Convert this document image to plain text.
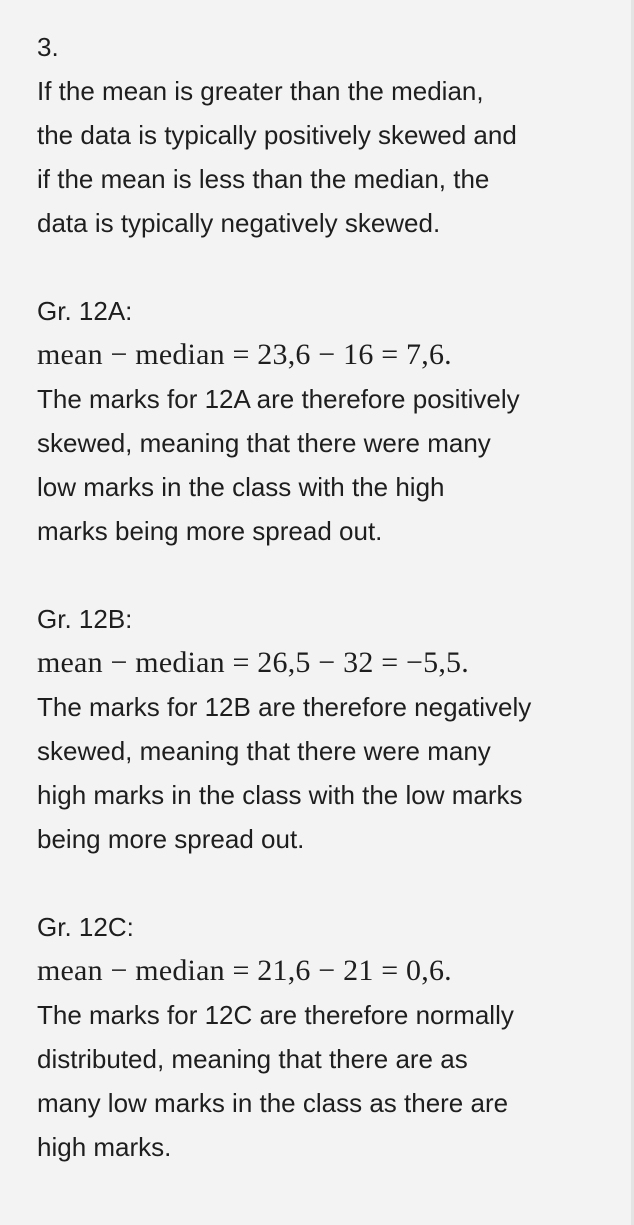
3.
If the mean is greater than the median,
the data is typically positively skewed and
if the mean is less than the median, the
data is typically negatively skewed.
Gr. 12A:
mean − median = 23,6 − 16 = 7,6.
The marks for 12A are therefore positively
skewed, meaning that there were many
low marks in the class with the high
marks being more spread out.
Gr. 12B:
mean − median = 26,5 − 32 = −5,5.
The marks for 12B are therefore negatively
skewed, meaning that there were many
high marks in the class with the low marks
being more spread out.
Gr. 12C:
mean − median = 21,6 − 21 = 0,6.
The marks for 12C are therefore normally
distributed, meaning that there are as
many low marks in the class as there are
high marks.
